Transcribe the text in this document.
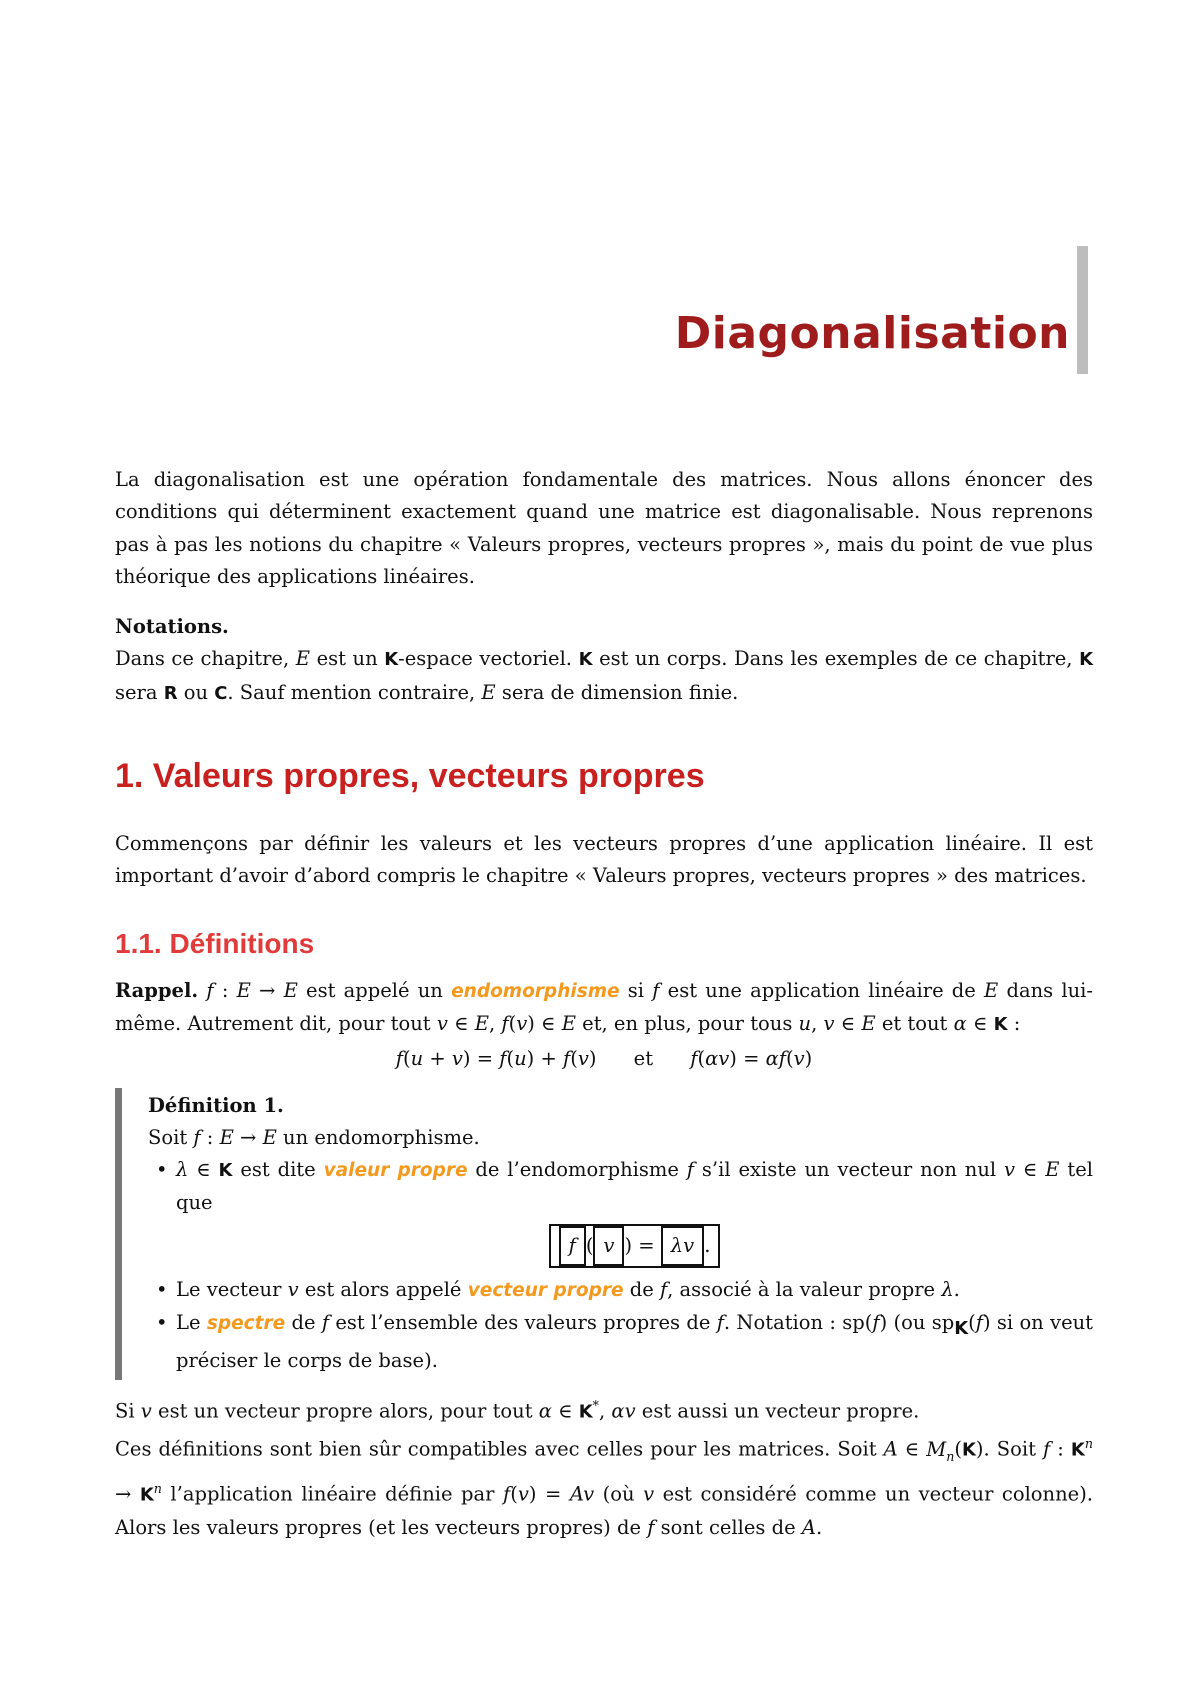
Diagonalisation

La diagonalisation est une opération fondamentale des matrices. Nous allons énoncer des conditions qui déterminent exactement quand une matrice est diagonalisable. Nous reprenons pas à pas les notions du chapitre « Valeurs propres, vecteurs propres », mais du point de vue plus théorique des applications linéaires.

Notations.
Dans ce chapitre, E est un K-espace vectoriel. K est un corps. Dans les exemples de ce chapitre, K sera R ou C. Sauf mention contraire, E sera de dimension finie.

1. Valeurs propres, vecteurs propres

Commençons par définir les valeurs et les vecteurs propres d’une application linéaire. Il est important d’avoir d’abord compris le chapitre « Valeurs propres, vecteurs propres » des matrices.

1.1. Définitions

Rappel. f : E → E est appelé un endomorphisme si f est une application linéaire de E dans lui-même. Autrement dit, pour tout v ∈ E, f(v) ∈ E et, en plus, pour tous u, v ∈ E et tout α ∈ K :

f(u + v) = f(u) + f(v)      et f(αv) = αf(v)

Définition 1.

Soit f : E → E un endomorphisme.

• λ ∈ K est dite valeur propre de l’endomorphisme f s’il existe un vecteur non nul v ∈ E tel que
f ( v ) = λv .
• Le vecteur v est alors appelé vecteur propre de f, associé à la valeur propre λ.
• Le spectre de f est l’ensemble des valeurs propres de f. Notation : sp(f) (ou $sp_K(f)$ si on veut préciser le corps de base).

Si v est un vecteur propre alors, pour tout α ∈ K*, αv est aussi un vecteur propre.
Ces définitions sont bien sûr compatibles avec celles pour les matrices. Soit A ∈ $M_n(K)$. Soit f : $K^n \to K^n$ l’application linéaire définie par f(v) = Av (où v est considéré comme un vecteur colonne). Alors les valeurs propres (et les vecteurs propres) de f sont celles de A.
